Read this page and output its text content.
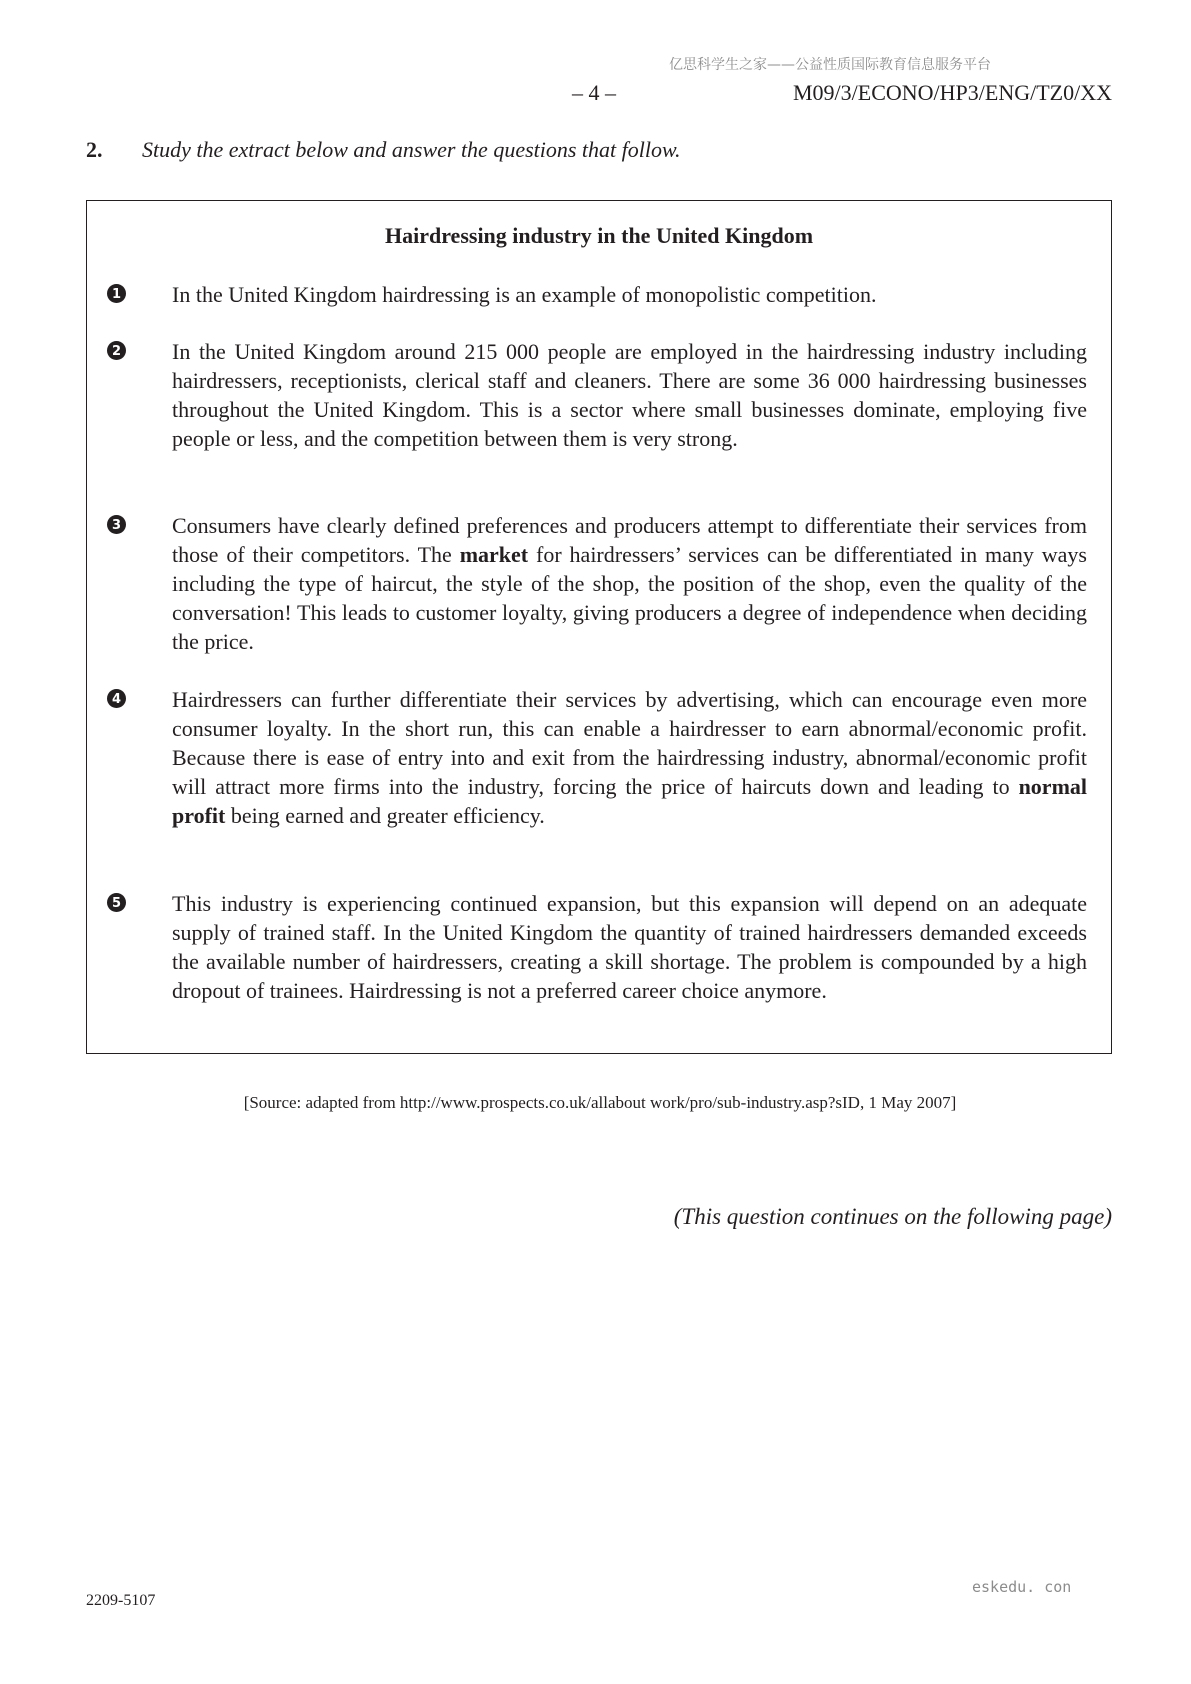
亿思科学生之家——公益性质国际教育信息服务平台
– 4 –	M09/3/ECONO/HP3/ENG/TZ0/XX
2. Study the extract below and answer the questions that follow.
Hairdressing industry in the United Kingdom
1 In the United Kingdom hairdressing is an example of monopolistic competition.
2 In the United Kingdom around 215 000 people are employed in the hairdressing industry including hairdressers, receptionists, clerical staff and cleaners. There are some 36 000 hairdressing businesses throughout the United Kingdom. This is a sector where small businesses dominate, employing five people or less, and the competition between them is very strong.
3 Consumers have clearly defined preferences and producers attempt to differentiate their services from those of their competitors. The market for hairdressers’ services can be differentiated in many ways including the type of haircut, the style of the shop, the position of the shop, even the quality of the conversation! This leads to customer loyalty, giving producers a degree of independence when deciding the price.
4 Hairdressers can further differentiate their services by advertising, which can encourage even more consumer loyalty. In the short run, this can enable a hairdresser to earn abnormal/economic profit. Because there is ease of entry into and exit from the hairdressing industry, abnormal/economic profit will attract more firms into the industry, forcing the price of haircuts down and leading to normal profit being earned and greater efficiency.
5 This industry is experiencing continued expansion, but this expansion will depend on an adequate supply of trained staff. In the United Kingdom the quantity of trained hairdressers demanded exceeds the available number of hairdressers, creating a skill shortage. The problem is compounded by a high dropout of trainees. Hairdressing is not a preferred career choice anymore.
[Source: adapted from http://www.prospects.co.uk/allabout work/pro/sub-industry.asp?sID, 1 May 2007]
(This question continues on the following page)
2209-5107
eskedu. con
